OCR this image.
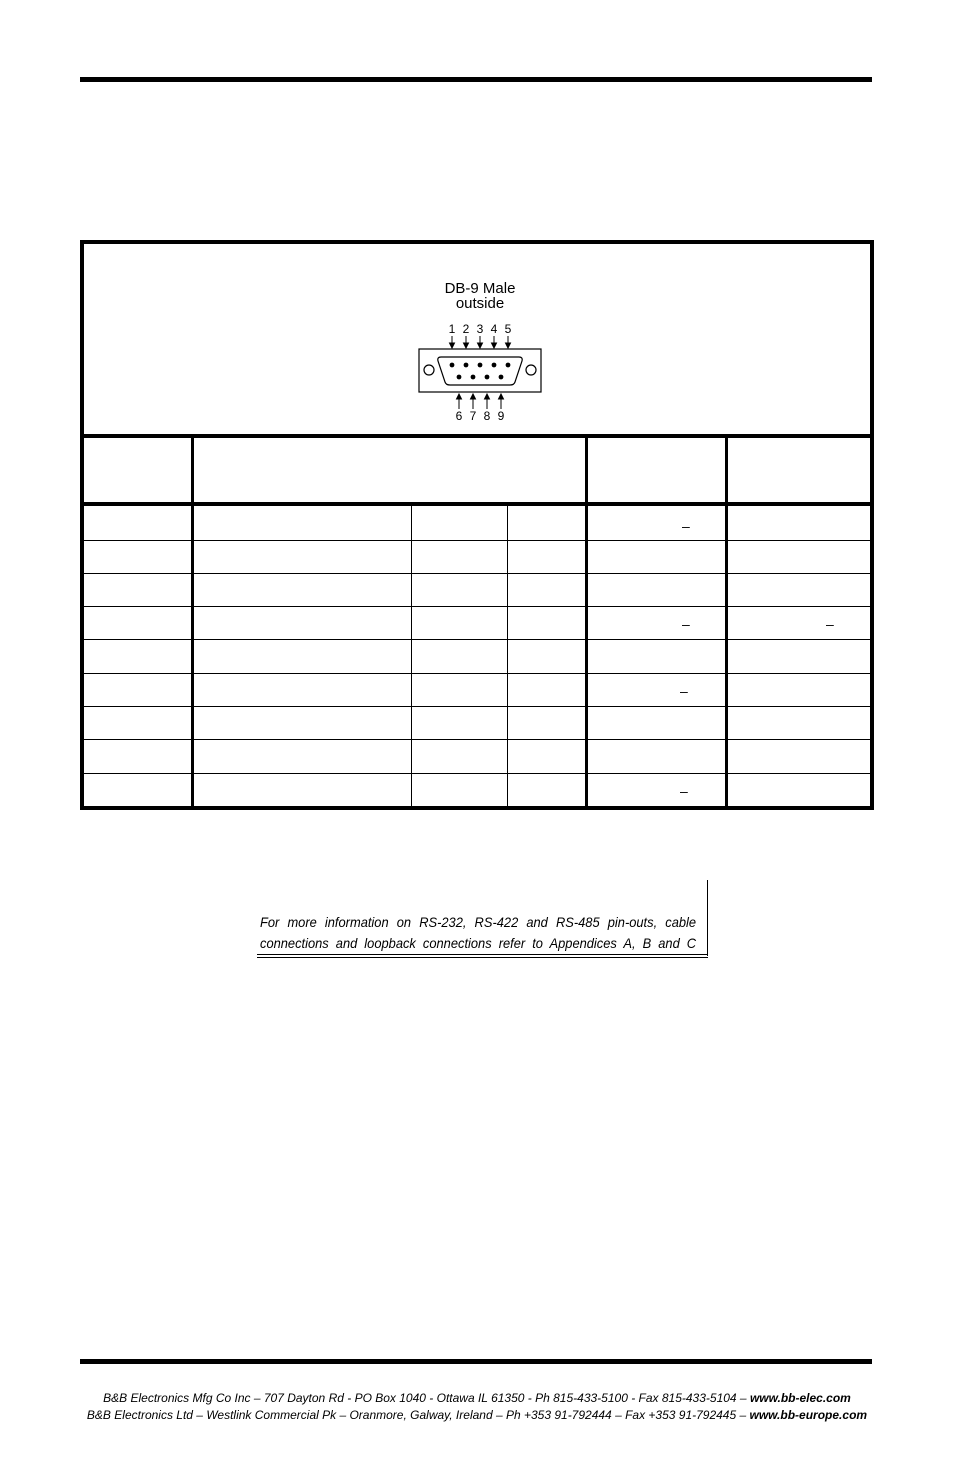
DB-9 Male
outside
1 2 3 4 5
6 7 8 9
–
–	–
–
–
For more information on RS-232, RS-422 and RS-485 pin-outs, cable connections and loopback connections refer to Appendices A, B and C
B&B Electronics Mfg Co Inc – 707 Dayton Rd - PO Box 1040 - Ottawa IL 61350 - Ph 815-433-5100 - Fax 815-433-5104 – www.bb-elec.com
B&B Electronics Ltd – Westlink Commercial Pk – Oranmore, Galway, Ireland – Ph +353 91-792444 – Fax +353 91-792445 – www.bb-europe.com
